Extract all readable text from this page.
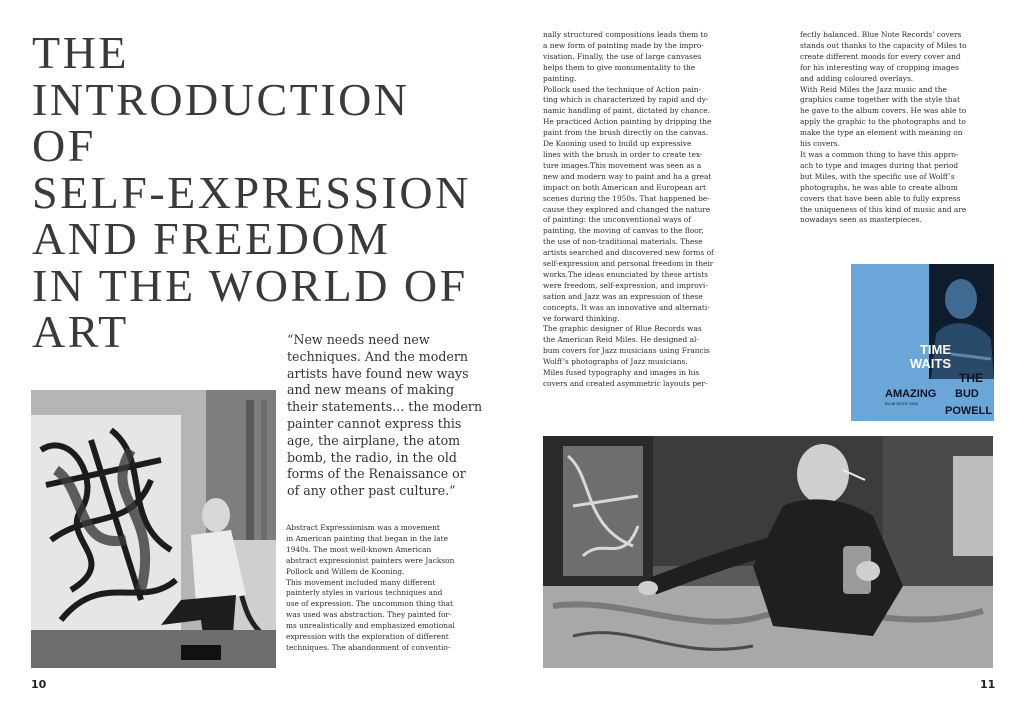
THE
INTRODUCTION
OF
SELF-EXPRESSION
AND FREEDOM
IN THE WORLD OF
ART	“New needs need new
techniques. And the modern
artists have found new ways
and new means of making
their statements... the modern
painter cannot express this
age, the airplane, the atom
bomb, the radio, in the old
forms of the Renaissance or
of any other past culture.”

Abstract Expressionism was a movement

in American painting that began in the late

1940s. The most well-known American

abstract expressionist painters were Jackson

Pollock and Willem de Kooning.

This movement included many different

painterly styles in various techniques and

use of expression. The uncommon thing that

was used was abstraction. They painted for-

ms unrealistically and emphasized emotional

expression with the exploration of different

techniques. The abandonment of conventio-

10

nally structured compositions leads them to

a new form of painting made by the impro-

visation. Finally, the use of large canvases

helps them to give monumentality to the

painting.

Pollock used the technique of Action pain-

ting which is characterized by rapid and dy-

namic handling of paint, dictated by chance.

He practiced Action painting by dripping the

paint from the brush directly on the canvas.

De Kooning used to build up expressive

lines with the brush in order to create tex-

ture images.This movement was seen as a

new and modern way to paint and ha a great

impact on both American and European art

scenes during the 1950s. That happened be-

cause they explored and changed the nature

of painting: the unconventional ways of

painting, the moving of canvas to the floor,

the use of non-traditional materials. These

artists searched and discovered new forms of

self-expression and personal freedom in their

works.The ideas enunciated by these artists

were freedom, self-expression, and improvi-

sation and Jazz was an expression of these

concepts. It was an innovative and alternati-

ve forward thinking.

The graphic designer of Blue Records was

the American Reid Miles. He designed al-

bum covers for Jazz musicians using Francis

Wolff’s photographs of Jazz musicians.

Miles fused typography and images in his

covers and created asymmetric layouts per-

fectly balanced. Blue Note Records’ covers

stands out thanks to the capacity of Miles to

create different moods for every cover and

for his interesting way of cropping images

and adding coloured overlays.

With Reid Miles the Jazz music and the

graphics came together with the style that

he gave to the album covers. He was able to

apply the graphic to the photographs and to

make the type an element with meaning on

his covers.

It was a common thing to have this appro-

ach to type and images during that period

but Miles, with the specific use of Wolff’s

photographs, he was able to create album

covers that have been able to fully express

the uniqueness of this kind of music and are

nowadays seen as masterpieces.

TIME
WAITS
THE
AMAZING BUD
BLUE NOTE 1598
POWELL
11
